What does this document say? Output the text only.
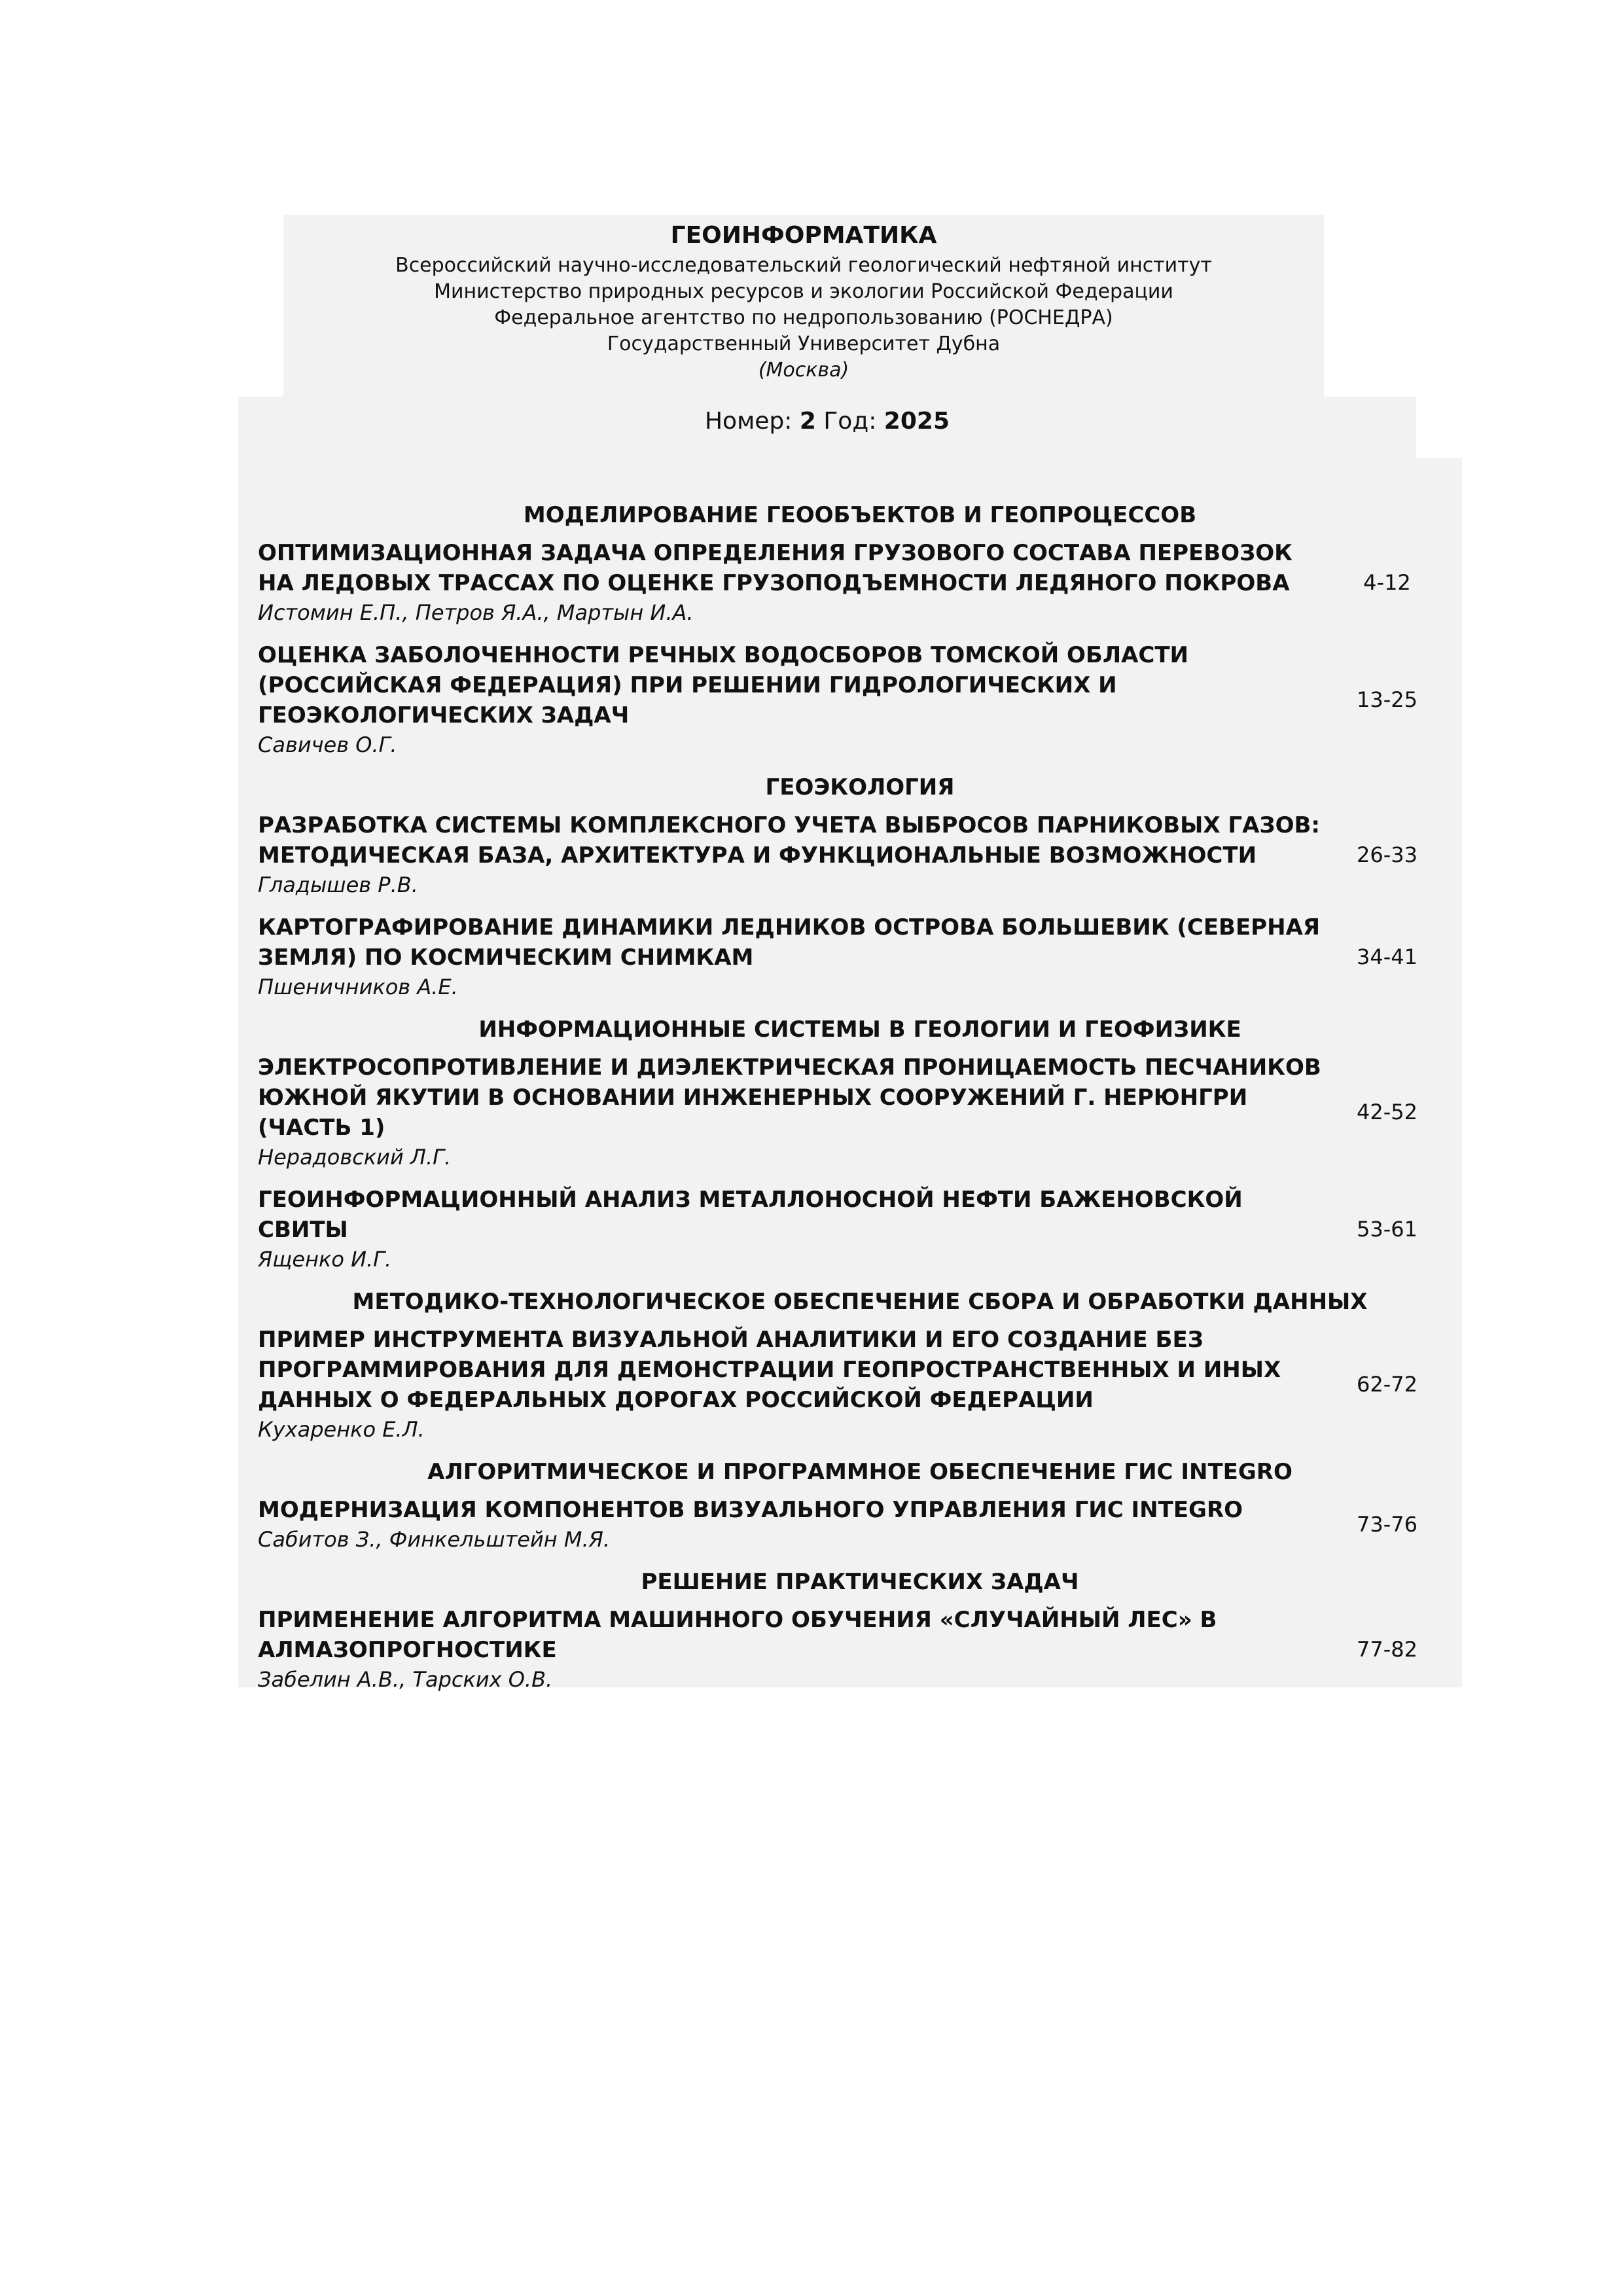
ГЕОИНФОРМАТИКА
Всероссийский научно-исследовательский геологический нефтяной институт
Министерство природных ресурсов и экологии Российской Федерации
Федеральное агентство по недропользованию (РОСНЕДРА)
Государственный Университет Дубна
(Москва)
Номер: 2 Год: 2025
МОДЕЛИРОВАНИЕ ГЕООБЪЕКТОВ И ГЕОПРОЦЕССОВ
ОПТИМИЗАЦИОННАЯ ЗАДАЧА ОПРЕДЕЛЕНИЯ ГРУЗОВОГО СОСТАВА ПЕРЕВОЗОК НА ЛЕДОВЫХ ТРАССАХ ПО ОЦЕНКЕ ГРУЗОПОДЪЕМНОСТИ ЛЕДЯНОГО ПОКРОВА
Истомин Е.П., Петров Я.А., Мартын И.А.
4-12
ОЦЕНКА ЗАБОЛОЧЕННОСТИ РЕЧНЫХ ВОДОСБОРОВ ТОМСКОЙ ОБЛАСТИ (РОССИЙСКАЯ ФЕДЕРАЦИЯ) ПРИ РЕШЕНИИ ГИДРОЛОГИЧЕСКИХ И ГЕОЭКОЛОГИЧЕСКИХ ЗАДАЧ
Савичев О.Г.
13-25
ГЕОЭКОЛОГИЯ
РАЗРАБОТКА СИСТЕМЫ КОМПЛЕКСНОГО УЧЕТА ВЫБРОСОВ ПАРНИКОВЫХ ГАЗОВ: МЕТОДИЧЕСКАЯ БАЗА, АРХИТЕКТУРА И ФУНКЦИОНАЛЬНЫЕ ВОЗМОЖНОСТИ
Гладышев Р.В.
26-33
КАРТОГРАФИРОВАНИЕ ДИНАМИКИ ЛЕДНИКОВ ОСТРОВА БОЛЬШЕВИК (СЕВЕРНАЯ ЗЕМЛЯ) ПО КОСМИЧЕСКИМ СНИМКАМ
Пшеничников А.Е.
34-41
ИНФОРМАЦИОННЫЕ СИСТЕМЫ В ГЕОЛОГИИ И ГЕОФИЗИКЕ
ЭЛЕКТРОСОПРОТИВЛЕНИЕ И ДИЭЛЕКТРИЧЕСКАЯ ПРОНИЦАЕМОСТЬ ПЕСЧАНИКОВ ЮЖНОЙ ЯКУТИИ В ОСНОВАНИИ ИНЖЕНЕРНЫХ СООРУЖЕНИЙ Г. НЕРЮНГРИ (ЧАСТЬ 1)
Нерадовский Л.Г.
42-52
ГЕОИНФОРМАЦИОННЫЙ АНАЛИЗ МЕТАЛЛОНОСНОЙ НЕФТИ БАЖЕНОВСКОЙ СВИТЫ
Ященко И.Г.
53-61
МЕТОДИКО-ТЕХНОЛОГИЧЕСКОЕ ОБЕСПЕЧЕНИЕ СБОРА И ОБРАБОТКИ ДАННЫХ
ПРИМЕР ИНСТРУМЕНТА ВИЗУАЛЬНОЙ АНАЛИТИКИ И ЕГО СОЗДАНИЕ БЕЗ ПРОГРАММИРОВАНИЯ ДЛЯ ДЕМОНСТРАЦИИ ГЕОПРОСТРАНСТВЕННЫХ И ИНЫХ ДАННЫХ О ФЕДЕРАЛЬНЫХ ДОРОГАХ РОССИЙСКОЙ ФЕДЕРАЦИИ
Кухаренко Е.Л.
62-72
АЛГОРИТМИЧЕСКОЕ И ПРОГРАММНОЕ ОБЕСПЕЧЕНИЕ ГИС INTEGRO
МОДЕРНИЗАЦИЯ КОМПОНЕНТОВ ВИЗУАЛЬНОГО УПРАВЛЕНИЯ ГИС INTEGRO
Сабитов З., Финкельштейн М.Я.
73-76
РЕШЕНИЕ ПРАКТИЧЕСКИХ ЗАДАЧ
ПРИМЕНЕНИЕ АЛГОРИТМА МАШИННОГО ОБУЧЕНИЯ «СЛУЧАЙНЫЙ ЛЕС» В АЛМАЗОПРОГНОСТИКЕ
Забелин А.В., Тарских О.В.
77-82
